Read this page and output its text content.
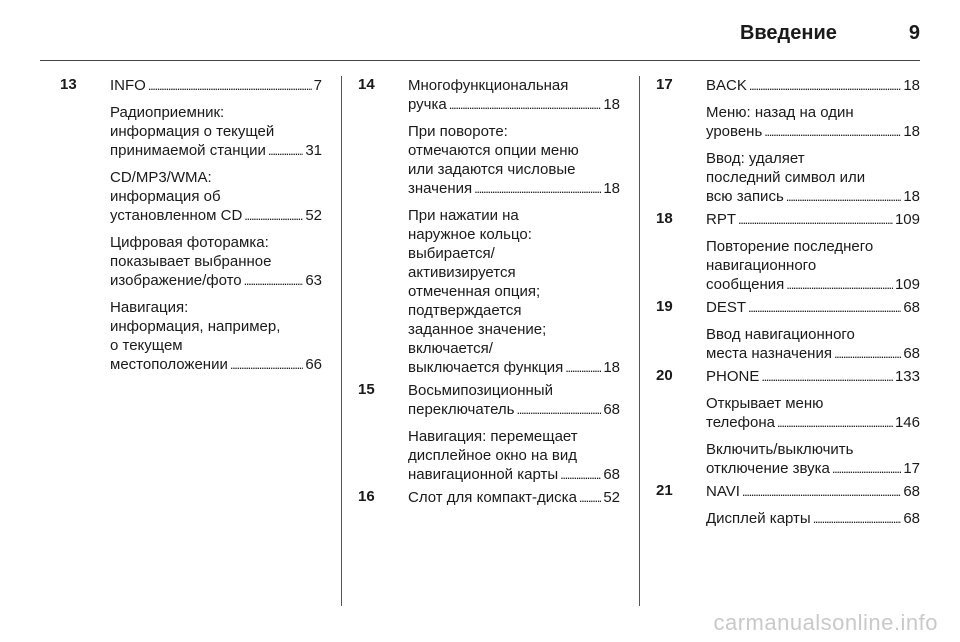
Введение	9
13 INFO . . .	7
Радиоприемник:
информация о текущей
принимаемой станции . . .	31
CD/MP3/WMA:
информация об
установленном CD . . .	52
Цифровая фоторамка:
показывает выбранное
изображение/фото . . .	63
Навигация:
информация, например,
о текущем
местоположении . . .	66
14 Многофункциональная
ручка . . .	18
При повороте:
отмечаются опции меню
или задаются числовые
значения . . .	18
При нажатии на
наружное кольцо:
выбирается/
активизируется
отмеченная опция;
подтверждается
заданное значение;
включается/
выключается функция . . .	18
15 Восьмипозиционный
переключатель . . .	68
Навигация: перемещает
дисплейное окно на вид
навигационной карты . . .	68
16 Слот для компакт-диска . . . 52
17 BACK . . .	18
Меню: назад на один
уровень . . .	18
Ввод: удаляет
последний символ или
всю запись . . .	18
18 RPT . . .	109
Повторение последнего
навигационного
сообщения . . .	109
19 DEST . . .	68
Ввод навигационного
места назначения . . .	68
20 PHONE . . .	133
Открывает меню
телефона . . .	146
Включить/выключить
отключение звука . . .	17
21 NAVI . . .	68
Дисплей карты . . .	68
carmanualsonline.info
